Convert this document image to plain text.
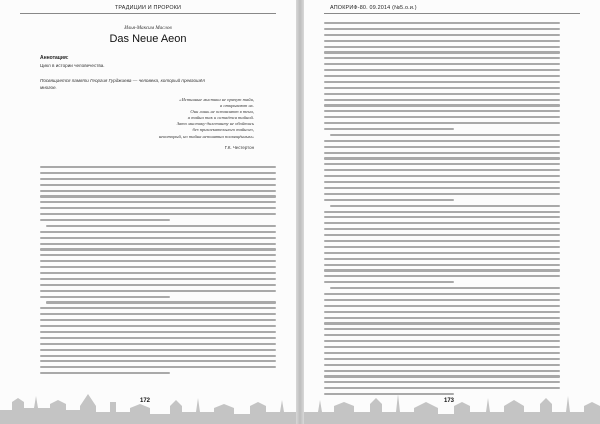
ТРАДИЦИИ И ПРОРОКИ
Илья-Максим Маслов
Das Neue Aeon
Аннотация:
Цикл в истории человечества.
Посвящается памяти Георгия Гурджиева — человека, который превзошёл многое.
«Истинные мистики не прячут тайн,
а открывают их.
Они лишь не оставляют в тени,
а тайна так и остаётся тайной.
Зато мистику-дилетанту не обойтись
без привлекательного тайного,
некоторый, но тайна непонятна посвящённым»
Г.К. Честертон
172
АПОКРИФ-80. 09.2014 (№5.о.и.)
173
